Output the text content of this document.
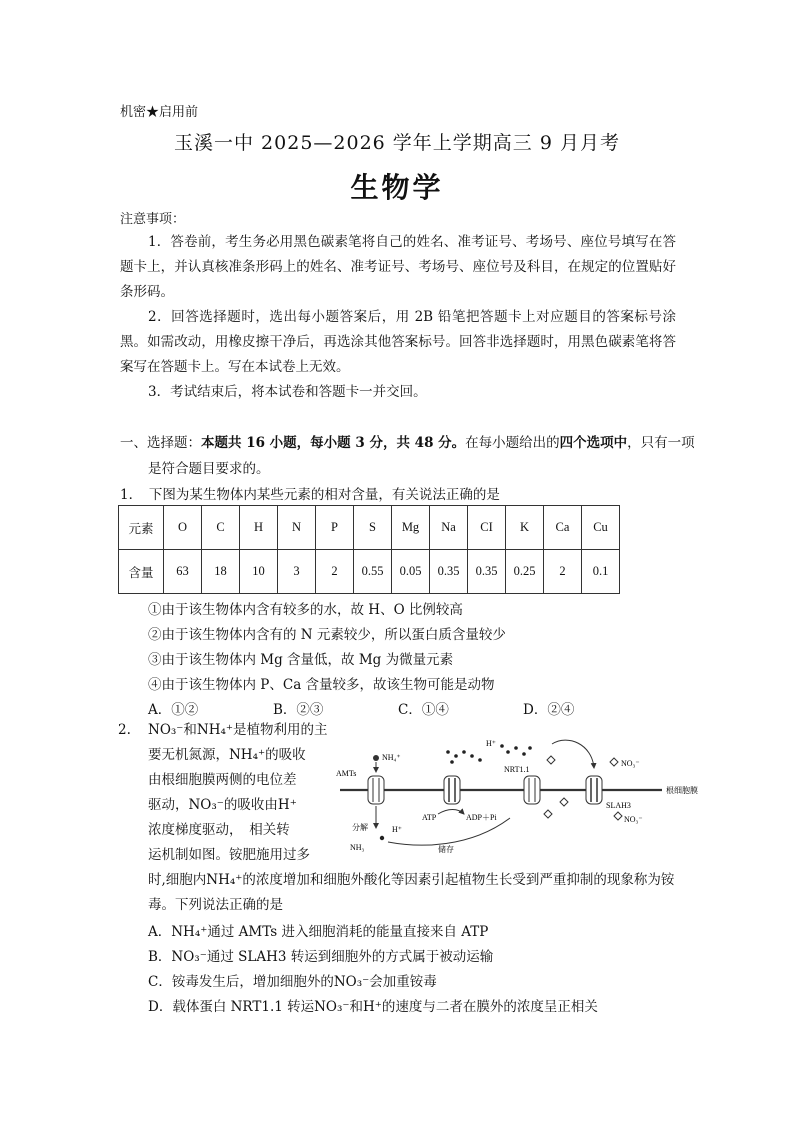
机密★启用前
玉溪一中 2025—2026 学年上学期高三 9 月月考
生物学
注意事项：
1．答卷前，考生务必用黑色碳素笔将自己的姓名、准考证号、考场号、座位号填写在答题卡上，并认真核准条形码上的姓名、准考证号、考场号、座位号及科目，在规定的位置贴好条形码。
2．回答选择题时，选出每小题答案后，用 2B 铅笔把答题卡上对应题目的答案标号涂黑。如需改动，用橡皮擦干净后，再选涂其他答案标号。回答非选择题时，用黑色碳素笔将答案写在答题卡上。写在本试卷上无效。
3．考试结束后，将本试卷和答题卡一并交回。
一、选择题：本题共 16 小题，每小题 3 分，共 48 分。在每小题给出的四个选项中，只有一项是符合题目要求的。
1．　下图为某生物体内某些元素的相对含量，有关说法正确的是
元素	O	C	H	N	P	S	Mg	Na	CI	K	Ca	Cu
含量	63	18	10	3	2	0.55	0.05	0.35	0.35	0.25	2	0.1
①由于该生物体内含有较多的水，故 H、O 比例较高
②由于该生物体内含有的 N 元素较少，所以蛋白质含量较少
③由于该生物体内 Mg 含量低，故 Mg 为微量元素
④由于该生物体内 P、Ca 含量较多，故该生物可能是动物
A．①②	B．②③	C．①④	D．②④
2. NO₃⁻和NH₄⁺是植物利用的主
要无机氮源，NH₄⁺的吸收
由根细胞膜两侧的电位差
驱动，NO₃⁻的吸收由H⁺
浓度梯度驱动，　相关转
运机制如图。铵肥施用过多
根细胞膜
AMTs
NH₄⁺
H⁺
NRT1.1
NO₃⁻
NO₃⁻
SLAH3
ATP	ADP＋Pi
分解
NH₃
H⁺
储存
时,细胞内NH₄⁺的浓度增加和细胞外酸化等因素引起植物生长受到严重抑制的现象称为铵毒。下列说法正确的是
A．NH₄⁺通过 AMTs 进入细胞消耗的能量直接来自 ATP
B．NO₃⁻通过 SLAH3 转运到细胞外的方式属于被动运输
C．铵毒发生后，增加细胞外的NO₃⁻会加重铵毒
D．载体蛋白 NRT1.1 转运NO₃⁻和H⁺的速度与二者在膜外的浓度呈正相关
